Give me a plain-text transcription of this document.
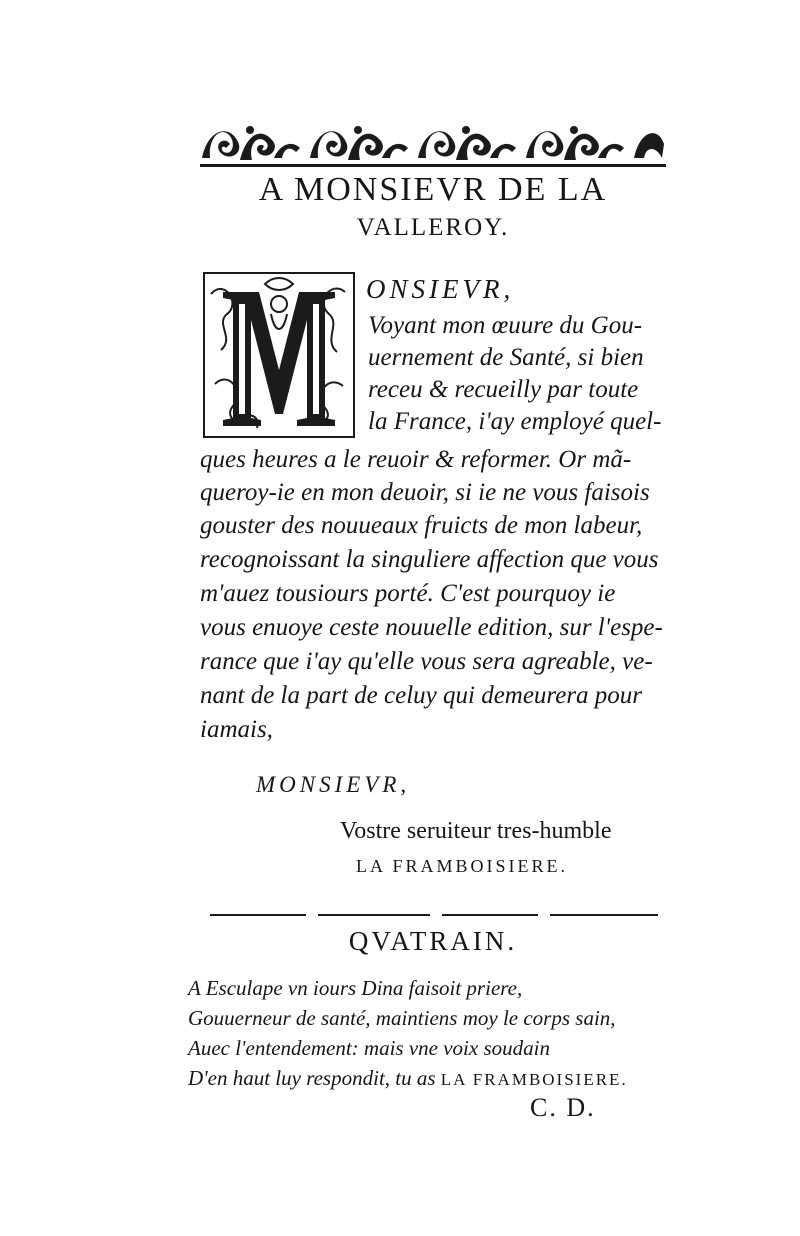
A MONSIEVR DE LA
VALLEROY.
ONSIEVR,
Voyant mon œuure du Gou-
uernement de Santé, si bien
receu & recueilly par toute
la France, i'ay employé quel-
ques heures a le reuoir & reformer. Or mã-
queroy-ie en mon deuoir, si ie ne vous faisois
gouster des nouueaux fruicts de mon labeur,
recognoissant la singuliere affection que vous
m'auez tousiours porté. C'est pourquoy ie
vous enuoye ceste nouuelle edition, sur l'espe-
rance que i'ay qu'elle vous sera agreable, ve-
nant de la part de celuy qui demeurera pour
iamais,
MONSIEVR,
Vostre seruiteur tres-humble
LA FRAMBOISIERE.
QVATRAIN.
A Esculape vn iours Dina faisoit priere,
Gouuerneur de santé, maintiens moy le corps sain,
Auec l'entendement: mais vne voix soudain
D'en haut luy respondit, tu as LA FRAMBOISIERE.
C. D.
